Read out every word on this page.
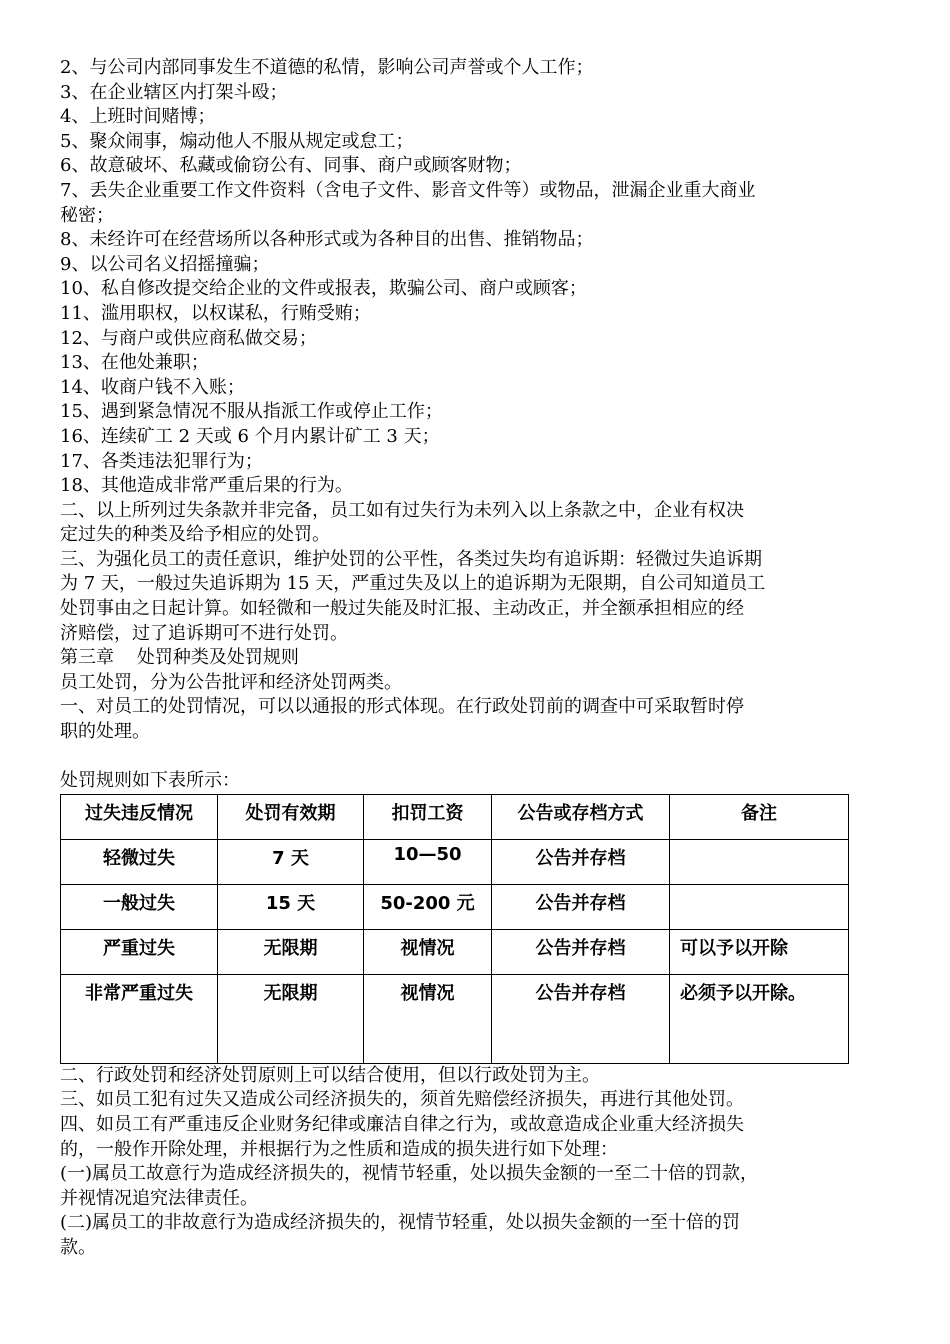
2、与公司内部同事发生不道德的私情，影响公司声誉或个人工作；

3、在企业辖区内打架斗殴；

4、上班时间赌博；

5、聚众闹事，煽动他人不服从规定或怠工；

6、故意破坏、私藏或偷窃公有、同事、商户或顾客财物；

7、丢失企业重要工作文件资料（含电子文件、影音文件等）或物品，泄漏企业重大商业

秘密；

8、未经许可在经营场所以各种形式或为各种目的出售、推销物品；

9、以公司名义招摇撞骗；

10、私自修改提交给企业的文件或报表，欺骗公司、商户或顾客；

11、滥用职权，以权谋私，行贿受贿；

12、与商户或供应商私做交易；

13、在他处兼职；

14、收商户钱不入账；

15、遇到紧急情况不服从指派工作或停止工作；

16、连续矿工 2 天或 6 个月内累计矿工 3 天；

17、各类违法犯罪行为；

18、其他造成非常严重后果的行为。

二、以上所列过失条款并非完备，员工如有过失行为未列入以上条款之中，企业有权决

定过失的种类及给予相应的处罚。

三、为强化员工的责任意识，维护处罚的公平性，各类过失均有追诉期：轻微过失追诉期

为 7 天，一般过失追诉期为 15 天，严重过失及以上的追诉期为无限期，自公司知道员工

处罚事由之日起计算。如轻微和一般过失能及时汇报、主动改正，并全额承担相应的经

济赔偿，过了追诉期可不进行处罚。

第三章    处罚种类及处罚规则

员工处罚，分为公告批评和经济处罚两类。

一、对员工的处罚情况，可以以通报的形式体现。在行政处罚前的调查中可采取暂时停

职的处理。

处罚规则如下表所示：

过失违反情况	处罚有效期	扣罚工资	公告或存档方式	备注
轻微过失	7 天	10—50	公告并存档	
一般过失	15 天	50-200 元	公告并存档	
严重过失	无限期	视情况	公告并存档	可以予以开除
非常严重过失	无限期	视情况	公告并存档	必须予以开除。

二、行政处罚和经济处罚原则上可以结合使用，但以行政处罚为主。

三、如员工犯有过失又造成公司经济损失的，须首先赔偿经济损失，再进行其他处罚。

四、如员工有严重违反企业财务纪律或廉洁自律之行为，或故意造成企业重大经济损失

的，一般作开除处理，并根据行为之性质和造成的损失进行如下处理：

(一)属员工故意行为造成经济损失的，视情节轻重，处以损失金额的一至二十倍的罚款，

并视情况追究法律责任。

(二)属员工的非故意行为造成经济损失的，视情节轻重，处以损失金额的一至十倍的罚

款。
